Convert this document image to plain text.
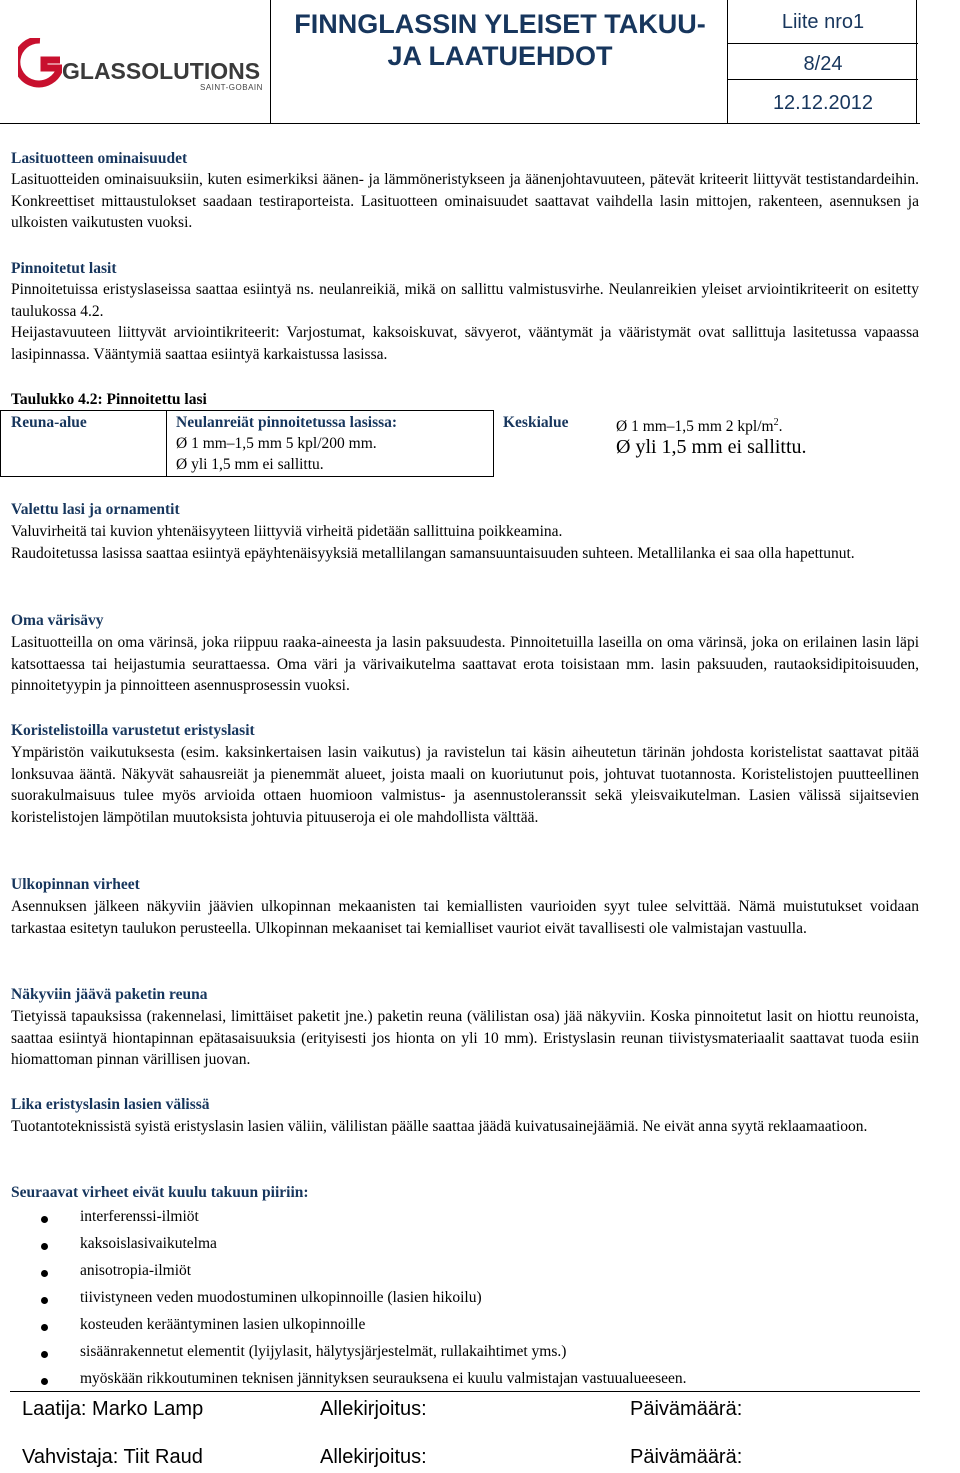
GLASSOLUTIONS
SAINT-GOBAIN
FINNGLASSIN YLEISET TAKUU-
JA LAATUEHDOT
Liite nro1
8/24
12.12.2012
Lasituotteen ominaisuudet

Lasituotteiden ominaisuuksiin, kuten esimerkiksi äänen- ja lämmöneristykseen ja äänenjohtavuuteen, pätevät kriteerit liittyvät testistandardeihin. Konkreettiset mittaustulokset saadaan testiraporteista. Lasituotteen ominaisuudet saattavat vaihdella lasin mittojen, rakenteen, asennuksen ja ulkoisten vaikutusten vuoksi.

Pinnoitetut lasit

Pinnoitetuissa eristyslaseissa saattaa esiintyä ns. neulanreikiä, mikä on sallittu valmistusvirhe. Neulanreikien yleiset arviointikriteerit on esitetty taulukossa 4.2.

Heijastavuuteen liittyvät arviointikriteerit: Varjostumat, kaksoiskuvat, sävyerot, vääntymät ja vääristymät ovat sallittuja lasitetussa vapaassa lasipinnassa. Vääntymiä saattaa esiintyä karkaistussa lasissa.

Taulukko 4.2: Pinnoitettu lasi
Reuna-alue	Neulanreiät pinnoitetussa lasissa:
Ø 1 mm–1,5 mm 5 kpl/200 mm.
Ø yli 1,5 mm ei sallittu.
Keskialue	Ø 1 mm–1,5 mm 2 kpl/$m^2$.
Ø yli 1,5 mm ei sallittu.
Valettu lasi ja ornamentit

Valuvirheitä tai kuvion yhtenäisyyteen liittyviä virheitä pidetään sallittuina poikkeamina.

Raudoitetussa lasissa saattaa esiintyä epäyhtenäisyyksiä metallilangan samansuuntaisuuden suhteen. Metallilanka ei saa olla hapettunut.

Oma värisävy

Lasituotteilla on oma värinsä, joka riippuu raaka-aineesta ja lasin paksuudesta. Pinnoitetuilla laseilla on oma värinsä, joka on erilainen lasin läpi katsottaessa tai heijastumia seurattaessa. Oma väri ja värivaikutelma saattavat erota toisistaan mm. lasin paksuuden, rautaoksidipitoisuuden, pinnoitetyypin ja pinnoitteen asennusprosessin vuoksi.

Koristelistoilla varustetut eristyslasit

Ympäristön vaikutuksesta (esim. kaksinkertaisen lasin vaikutus) ja ravistelun tai käsin aiheutetun tärinän johdosta koristelistat saattavat pitää lonksuvaa ääntä. Näkyvät sahausreiät ja pienemmät alueet, joista maali on kuoriutunut pois, johtuvat tuotannosta. Koristelistojen puutteellinen suorakulmaisuus tulee myös arvioida ottaen huomioon valmistus- ja asennustoleranssit sekä yleisvaikutelman. Lasien välissä sijaitsevien koristelistojen lämpötilan muutoksista johtuvia pituuseroja ei ole mahdollista välttää.

Ulkopinnan virheet

Asennuksen jälkeen näkyviin jäävien ulkopinnan mekaanisten tai kemiallisten vaurioiden syyt tulee selvittää. Nämä muistutukset voidaan tarkastaa esitetyn taulukon perusteella. Ulkopinnan mekaaniset tai kemialliset vauriot eivät tavallisesti ole valmistajan vastuulla.

Näkyviin jäävä paketin reuna

Tietyissä tapauksissa (rakennelasi, limittäiset paketit jne.) paketin reuna (välilistan osa) jää näkyviin. Koska pinnoitetut lasit on hiottu reunoista, saattaa esiintyä hiontapinnan epätasaisuuksia (erityisesti jos hionta on yli 10 mm). Eristyslasin reunan tiivistysmateriaalit saattavat tuoda esiin hiomattoman pinnan värillisen juovan.

Lika eristyslasin lasien välissä

Tuotantoteknissistä syistä eristyslasin lasien väliin, välilistan päälle saattaa jäädä kuivatusainejäämiä. Ne eivät anna syytä reklaamaatioon.

Seuraavat virheet eivät kuulu takuun piiriin:
interferenssi-ilmiöt
kaksoislasivaikutelma
anisotropia-ilmiöt
tiivistyneen veden muodostuminen ulkopinnoille (lasien hikoilu)
kosteuden kerääntyminen lasien ulkopinnoille
sisäänrakennetut elementit (lyijylasit, hälytysjärjestelmät, rullakaihtimet yms.)
myöskään rikkoutuminen teknisen jännityksen seurauksena ei kuulu valmistajan vastuualueeseen.
Laatija: Marko Lamp	Allekirjoitus:	Päivämäärä:
Vahvistaja: Tiit Raud	Allekirjoitus:	Päivämäärä:
